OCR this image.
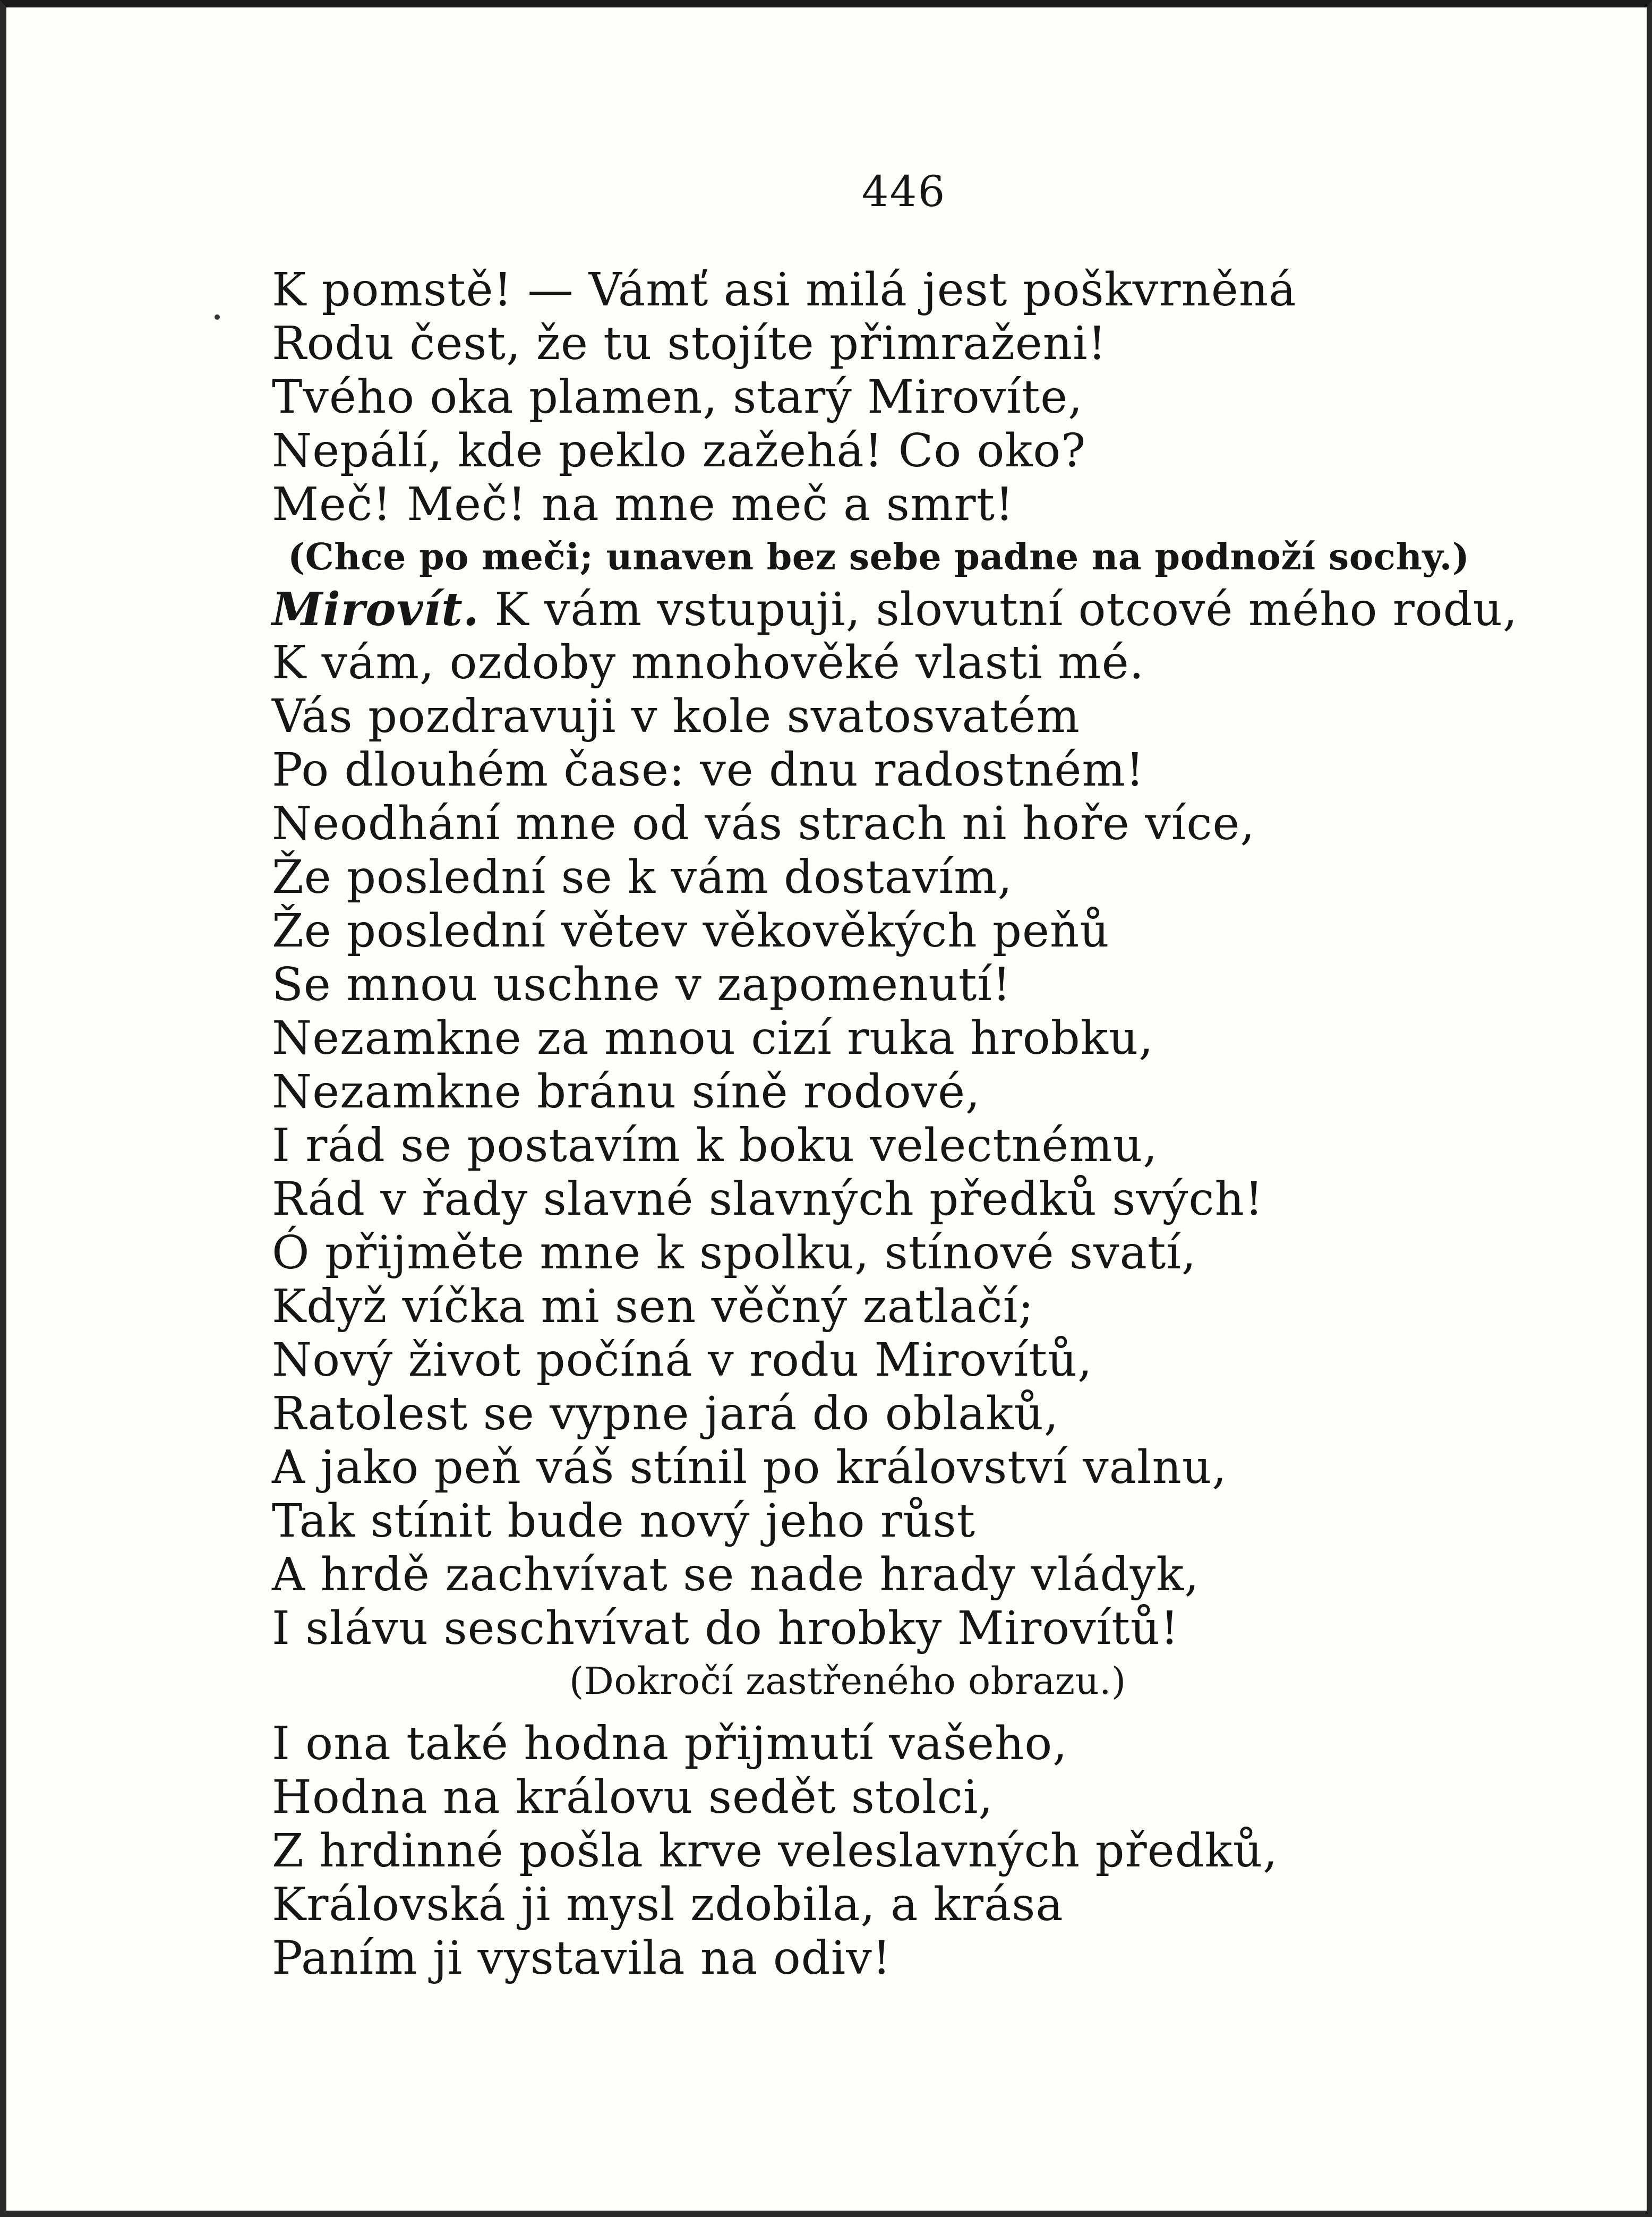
446
K pomstě! — Vámť asi milá jest poškvrněná
Rodu čest, že tu stojíte přimraženi!
Tvého oka plamen, starý Mirovíte,
Nepálí, kde peklo zažehá! Co oko?
Meč! Meč! na mne meč a smrt!
(Chce po meči; unaven bez sebe padne na podnoží sochy.)
Mirovít. K vám vstupuji, slovutní otcové mého rodu,
K vám, ozdoby mnohověké vlasti mé.
Vás pozdravuji v kole svatosvatém
Po dlouhém čase: ve dnu radostném!
Neodhání mne od vás strach ni hoře více,
Že poslední se k vám dostavím,
Že poslední větev věkověkých peňů
Se mnou uschne v zapomenutí!
Nezamkne za mnou cizí ruka hrobku,
Nezamkne bránu síně rodové,
I rád se postavím k boku velectnému,
Rád v řady slavné slavných předků svých!
Ó přijměte mne k spolku, stínové svatí,
Když víčka mi sen věčný zatlačí;
Nový život počíná v rodu Mirovítů,
Ratolest se vypne jará do oblaků,
A jako peň váš stínil po království valnu,
Tak stínit bude nový jeho růst
A hrdě zachvívat se nade hrady vládyk,
I slávu seschvívat do hrobky Mirovítů!
(Dokročí zastřeného obrazu.)
I ona také hodna přijmutí vašeho,
Hodna na královu sedět stolci,
Z hrdinné pošla krve veleslavných předků,
Královská ji mysl zdobila, a krása
Paním ji vystavila na odiv!
